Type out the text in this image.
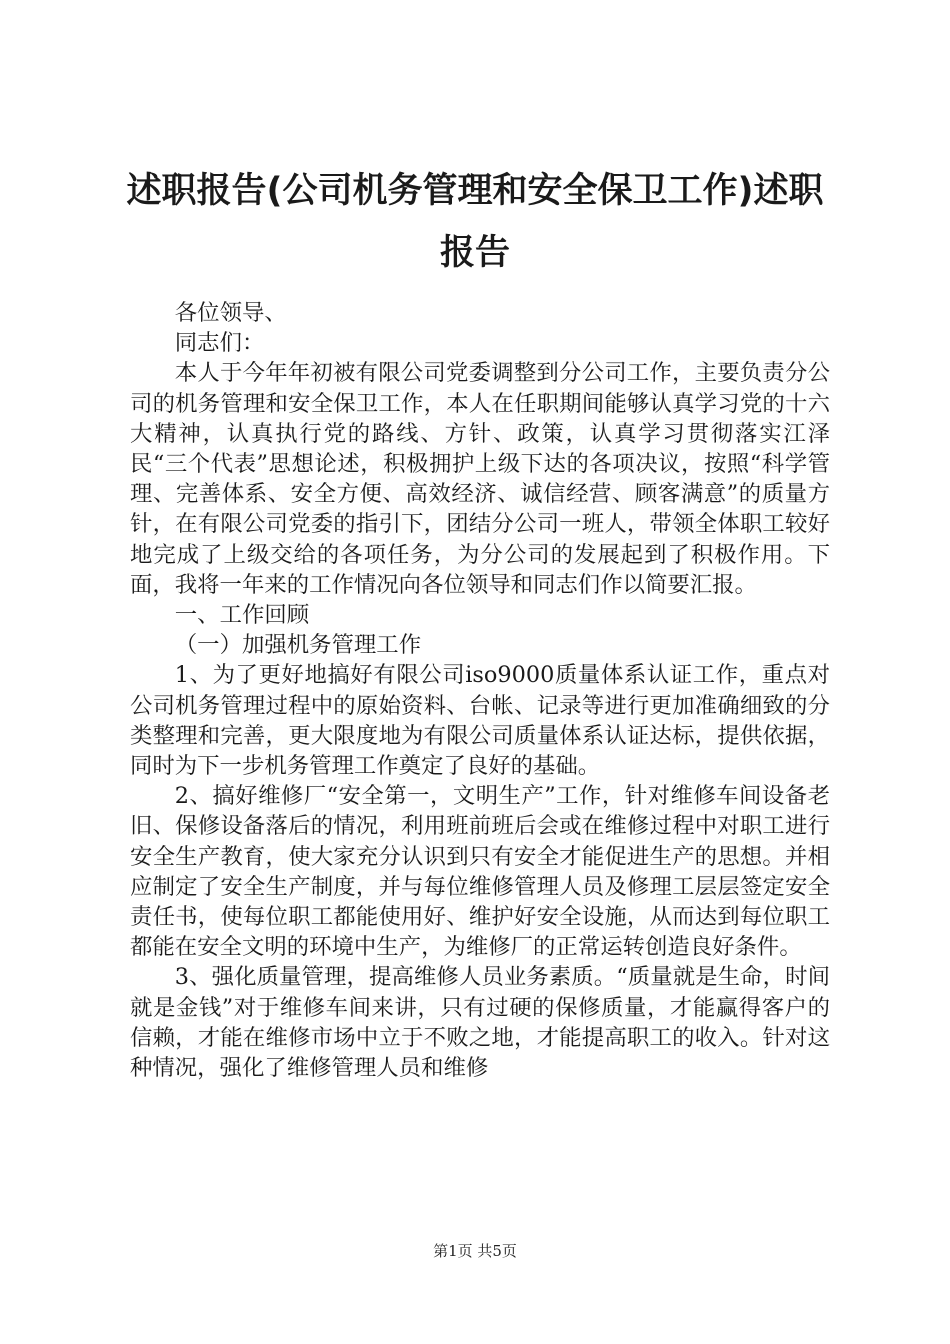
述职报告(公司机务管理和安全保卫工作)述职报告

各位领导、

同志们：

本人于今年年初被有限公司党委调整到分公司工作，主要负责分公司的机务管理和安全保卫工作，本人在任职期间能够认真学习党的十六大精神，认真执行党的路线、方针、政策，认真学习贯彻落实江泽民“三个代表”思想论述，积极拥护上级下达的各项决议，按照“科学管理、完善体系、安全方便、高效经济、诚信经营、顾客满意”的质量方针，在有限公司党委的指引下，团结分公司一班人，带领全体职工较好地完成了上级交给的各项任务，为分公司的发展起到了积极作用。下面，我将一年来的工作情况向各位领导和同志们作以简要汇报。

一、工作回顾

（一）加强机务管理工作

1、为了更好地搞好有限公司iso9000质量体系认证工作，重点对公司机务管理过程中的原始资料、台帐、记录等进行更加准确细致的分类整理和完善，更大限度地为有限公司质量体系认证达标，提供依据，同时为下一步机务管理工作奠定了良好的基础。

2、搞好维修厂“安全第一，文明生产”工作，针对维修车间设备老旧、保修设备落后的情况，利用班前班后会或在维修过程中对职工进行安全生产教育，使大家充分认识到只有安全才能促进生产的思想。并相应制定了安全生产制度，并与每位维修管理人员及修理工层层签定安全责任书，使每位职工都能使用好、维护好安全设施，从而达到每位职工都能在安全文明的环境中生产，为维修厂的正常运转创造良好条件。

3、强化质量管理，提高维修人员业务素质。“质量就是生命，时间就是金钱”对于维修车间来讲，只有过硬的保修质量，才能赢得客户的信赖，才能在维修市场中立于不败之地，才能提高职工的收入。针对这种情况，强化了维修管理人员和维修

第1页 共5页
